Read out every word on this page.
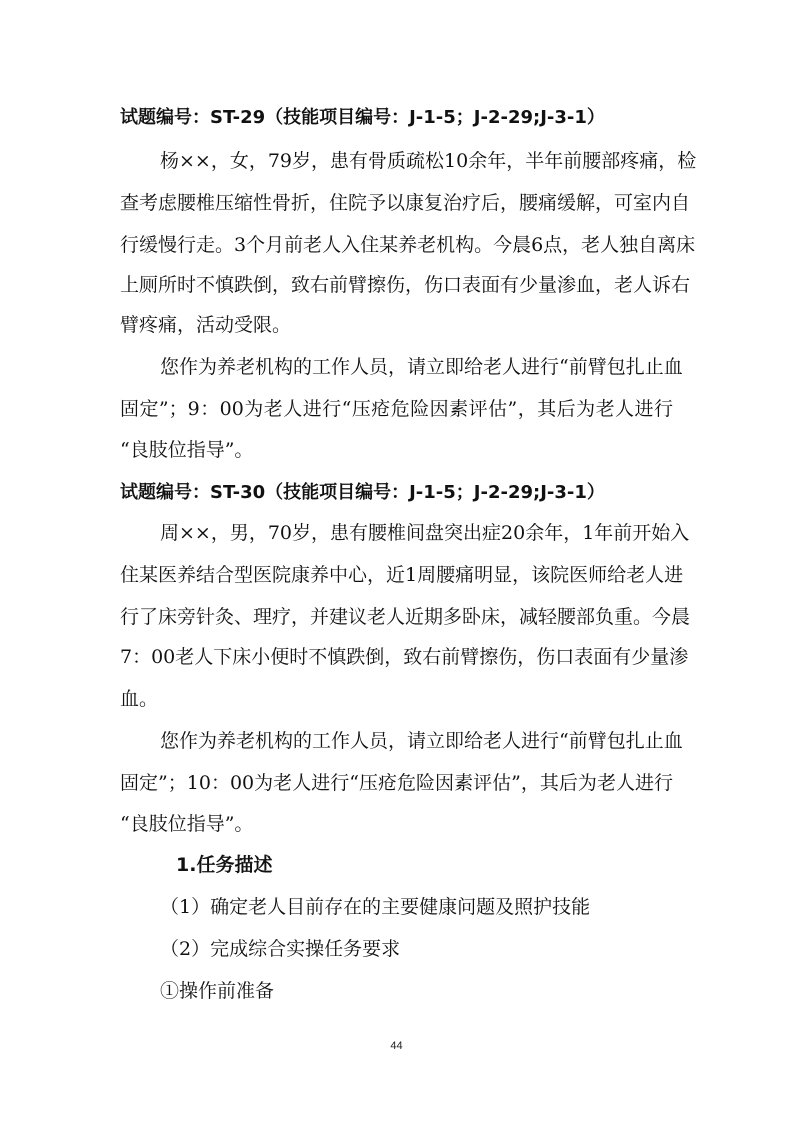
试题编号：ST-29（技能项目编号：J-1-5；J-2-29;J-3-1）

杨××，女，79岁，患有骨质疏松10余年，半年前腰部疼痛，检

查考虑腰椎压缩性骨折，住院予以康复治疗后，腰痛缓解，可室内自

行缓慢行走。3个月前老人入住某养老机构。今晨6点，老人独自离床

上厕所时不慎跌倒，致右前臂擦伤，伤口表面有少量渗血，老人诉右

臂疼痛，活动受限。

您作为养老机构的工作人员，请立即给老人进行“前臂包扎止血

固定”；9：00为老人进行“压疮危险因素评估”，其后为老人进行

“良肢位指导”。

试题编号：ST-30（技能项目编号：J-1-5；J-2-29;J-3-1）

周××，男，70岁，患有腰椎间盘突出症20余年，1年前开始入

住某医养结合型医院康养中心，近1周腰痛明显，该院医师给老人进

行了床旁针灸、理疗，并建议老人近期多卧床，减轻腰部负重。今晨

7：00老人下床小便时不慎跌倒，致右前臂擦伤，伤口表面有少量渗

血。

您作为养老机构的工作人员，请立即给老人进行“前臂包扎止血

固定”；10：00为老人进行“压疮危险因素评估”，其后为老人进行

“良肢位指导”。

1.任务描述

（1）确定老人目前存在的主要健康问题及照护技能

（2）完成综合实操任务要求

①操作前准备

44
